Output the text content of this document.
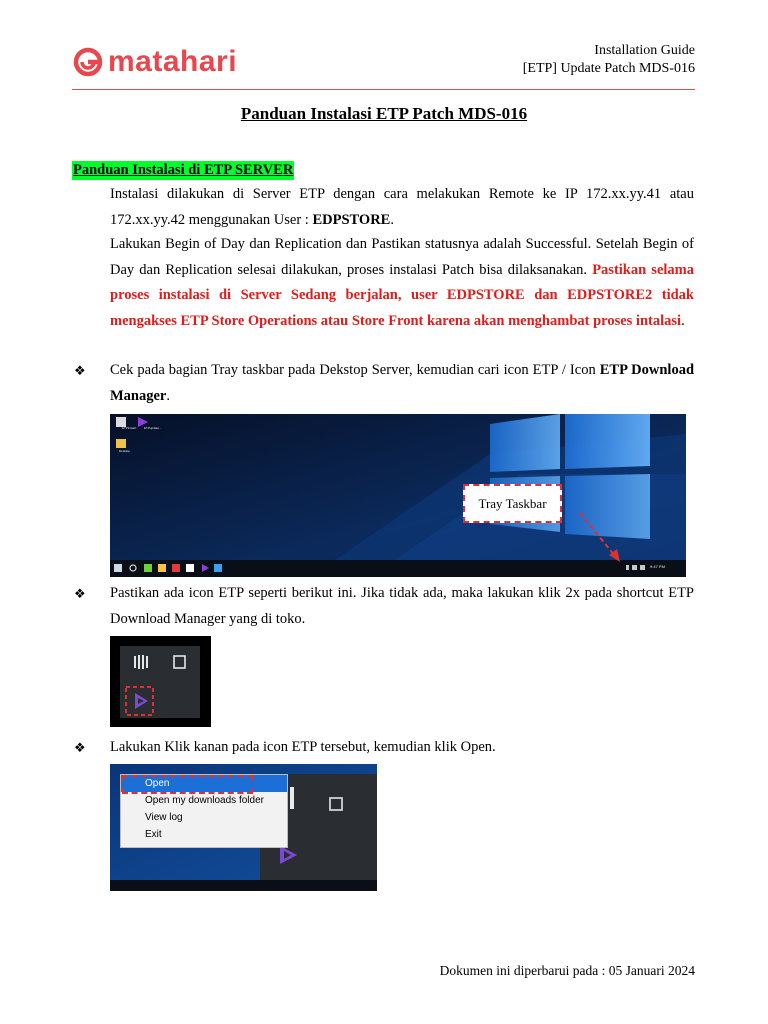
matahari	Installation Guide
[ETP] Update Patch MDS-016
Panduan Instalasi ETP Patch MDS-016
Panduan Instalasi di ETP SERVER
Instalasi dilakukan di Server ETP dengan cara melakukan Remote ke IP 172.xx.yy.41 atau 172.xx.yy.42 menggunakan User : EDPSTORE.
Lakukan Begin of Day dan Replication dan Pastikan statusnya adalah Successful. Setelah Begin of Day dan Replication selesai dilakukan, proses instalasi Patch bisa dilaksanakan. Pastikan selama proses instalasi di Server Sedang berjalan, user EDPSTORE dan EDPSTORE2 tidak mengakses ETP Store Operations atau Store Front karena akan menghambat proses intalasi.
❖ Cek pada bagian Tray taskbar pada Dekstop Server, kemudian cari icon ETP / Icon ETP Download Manager.
ETPinstall... ETPupdate...
Desktop
9:47 PM
Tray Taskbar
❖ Pastikan ada icon ETP seperti berikut ini. Jika tidak ada, maka lakukan klik 2x pada shortcut ETP Download Manager yang di toko.
❖ Lakukan Klik kanan pada icon ETP tersebut, kemudian klik Open.
Open
Open my downloads folder
View log
Exit
Dokumen ini diperbarui pada : 05 Januari 2024
